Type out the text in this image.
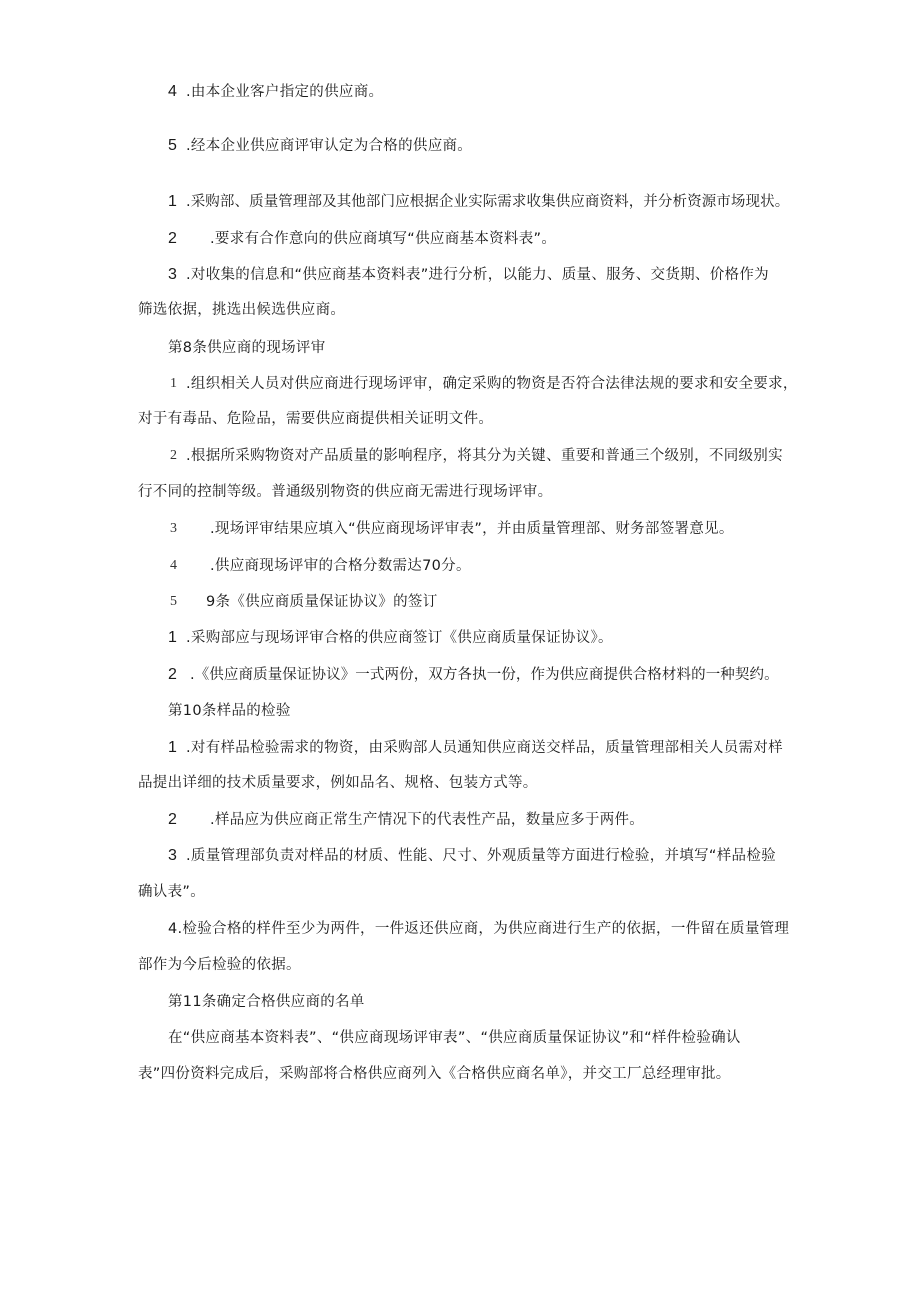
4 .由本企业客户指定的供应商。
5 .经本企业供应商评审认定为合格的供应商。
1 .采购部、质量管理部及其他部门应根据企业实际需求收集供应商资料，并分析资源市场现状。
2 .要求有合作意向的供应商填写“供应商基本资料表”。
3 .对收集的信息和“供应商基本资料表”进行分析，以能力、质量、服务、交货期、价格作为
筛选依据，挑选出候选供应商。
第8条供应商的现场评审
1 .组织相关人员对供应商进行现场评审，确定采购的物资是否符合法律法规的要求和安全要求，
对于有毒品、危险品，需要供应商提供相关证明文件。
2 .根据所采购物资对产品质量的影响程序，将其分为关键、重要和普通三个级别，不同级别实
行不同的控制等级。普通级别物资的供应商无需进行现场评审。
3 .现场评审结果应填入“供应商现场评审表”，并由质量管理部、财务部签署意见。
4 .供应商现场评审的合格分数需达70分。
5 9条《供应商质量保证协议》的签订
1 .采购部应与现场评审合格的供应商签订《供应商质量保证协议》。
2 .《供应商质量保证协议》一式两份，双方各执一份，作为供应商提供合格材料的一种契约。
第10条样品的检验
1 .对有样品检验需求的物资，由采购部人员通知供应商送交样品，质量管理部相关人员需对样
品提出详细的技术质量要求，例如品名、规格、包装方式等。
2 .样品应为供应商正常生产情况下的代表性产品，数量应多于两件。
3 .质量管理部负责对样品的材质、性能、尺寸、外观质量等方面进行检验，并填写“样品检验
确认表”。
4.检验合格的样件至少为两件，一件返还供应商，为供应商进行生产的依据，一件留在质量管理
部作为今后检验的依据。
第11条确定合格供应商的名单
在“供应商基本资料表”、“供应商现场评审表”、“供应商质量保证协议”和“样件检验确认
表”四份资料完成后，采购部将合格供应商列入《合格供应商名单》，并交工厂总经理审批。
